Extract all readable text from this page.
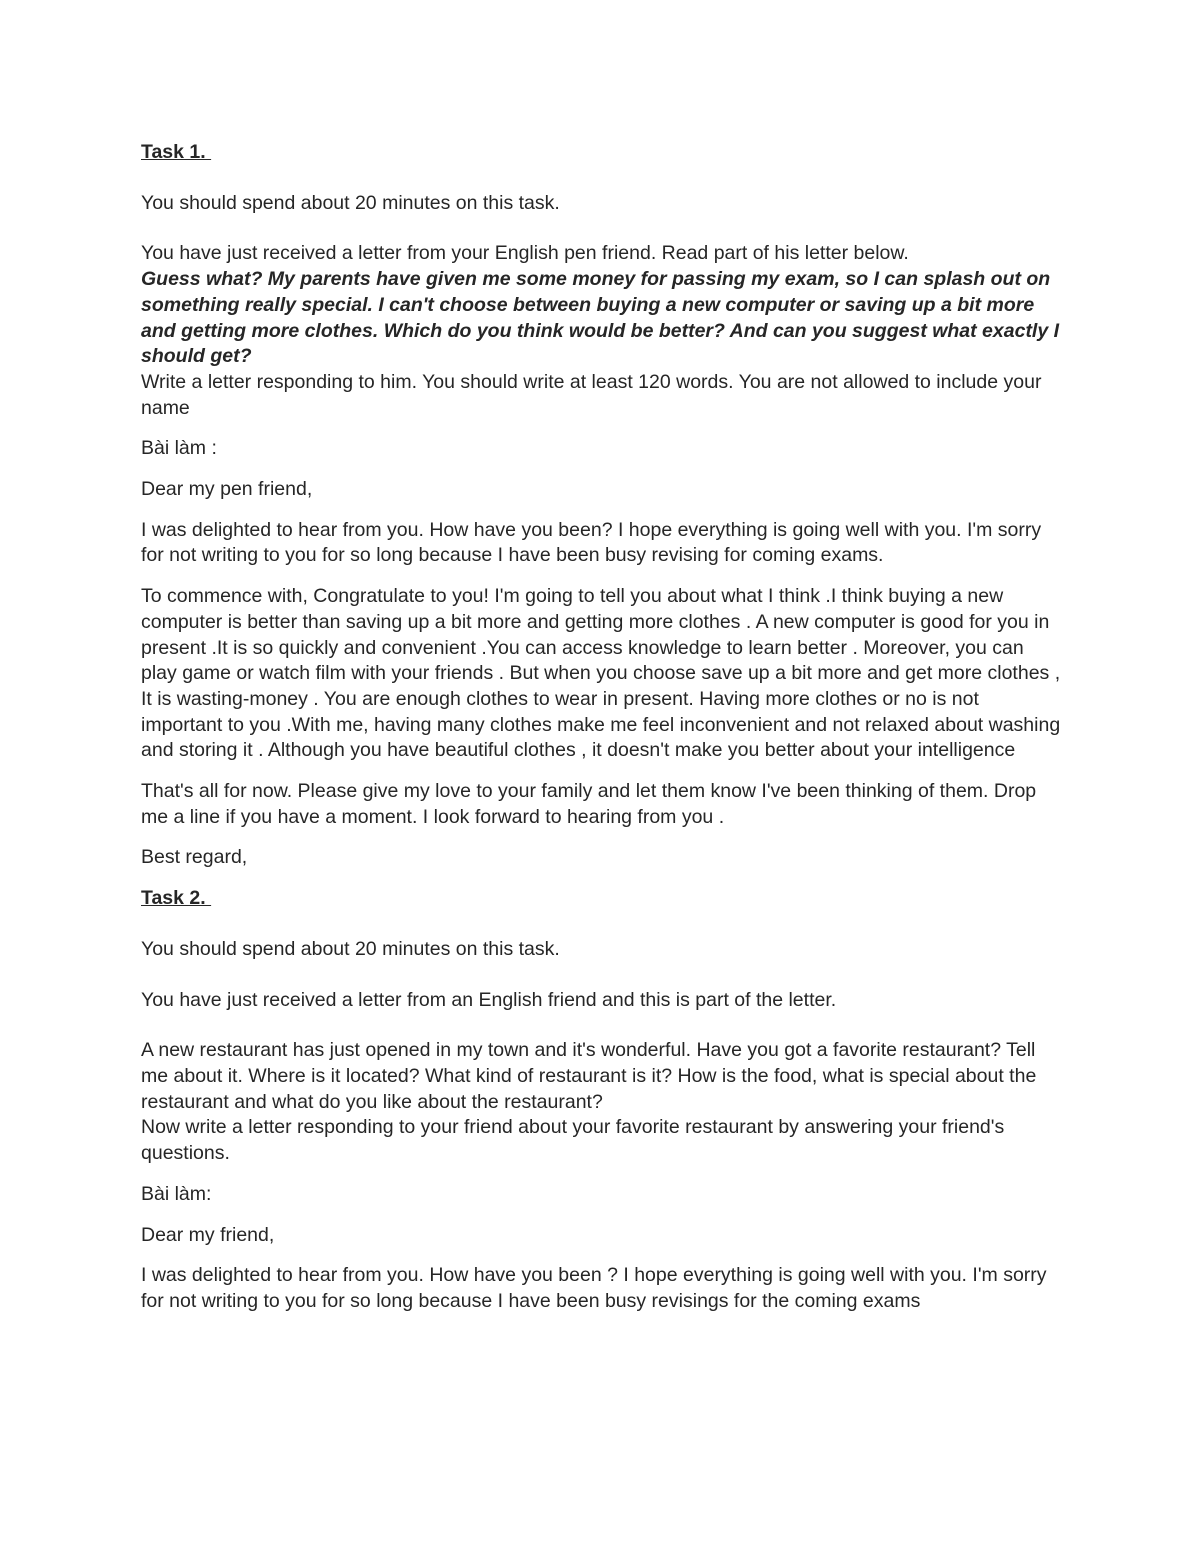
Task 1.

You should spend about 20 minutes on this task.

You have just received a letter from your English pen friend. Read part of his letter below.

Guess what? My parents have given me some money for passing my exam, so I can splash out on something really special. I can't choose between buying a new computer or saving up a bit more and getting more clothes. Which do you think would be better? And can you suggest what exactly I should get?

Write a letter responding to him. You should write at least 120 words. You are not allowed to include your name

Bài làm :

Dear my pen friend,

I was delighted to hear from you. How have you been? I hope everything is going well with you. I'm sorry for not writing to you for so long because I have been busy revising for coming exams.

To commence with, Congratulate to you! I'm going to tell you about what I think .I think buying a new computer is better than saving up a bit more and getting more clothes . A new computer is good for you in present .It is so quickly and convenient .You can access knowledge to learn better . Moreover, you can play game or watch film with your friends . But when you choose save up a bit more and get more clothes , It is wasting-money . You are enough clothes to wear in present. Having more clothes or no is not important to you .With me, having many clothes make me feel inconvenient and not relaxed about washing and storing it . Although you have beautiful clothes , it doesn't make you better about your intelligence

That's all for now. Please give my love to your family and let them know I've been thinking of them. Drop me a line if you have a moment. I look forward to hearing from you .

Best regard,

Task 2.

You should spend about 20 minutes on this task.

You have just received a letter from an English friend and this is part of the letter.

A new restaurant has just opened in my town and it's wonderful. Have you got a favorite restaurant? Tell me about it. Where is it located? What kind of restaurant is it? How is the food, what is special about the restaurant and what do you like about the restaurant?

Now write a letter responding to your friend about your favorite restaurant by answering your friend's questions.

Bài làm:

Dear my friend,

I was delighted to hear from you. How have you been ? I hope everything is going well with you. I'm sorry for not writing to you for so long because I have been busy revisings for the coming exams
